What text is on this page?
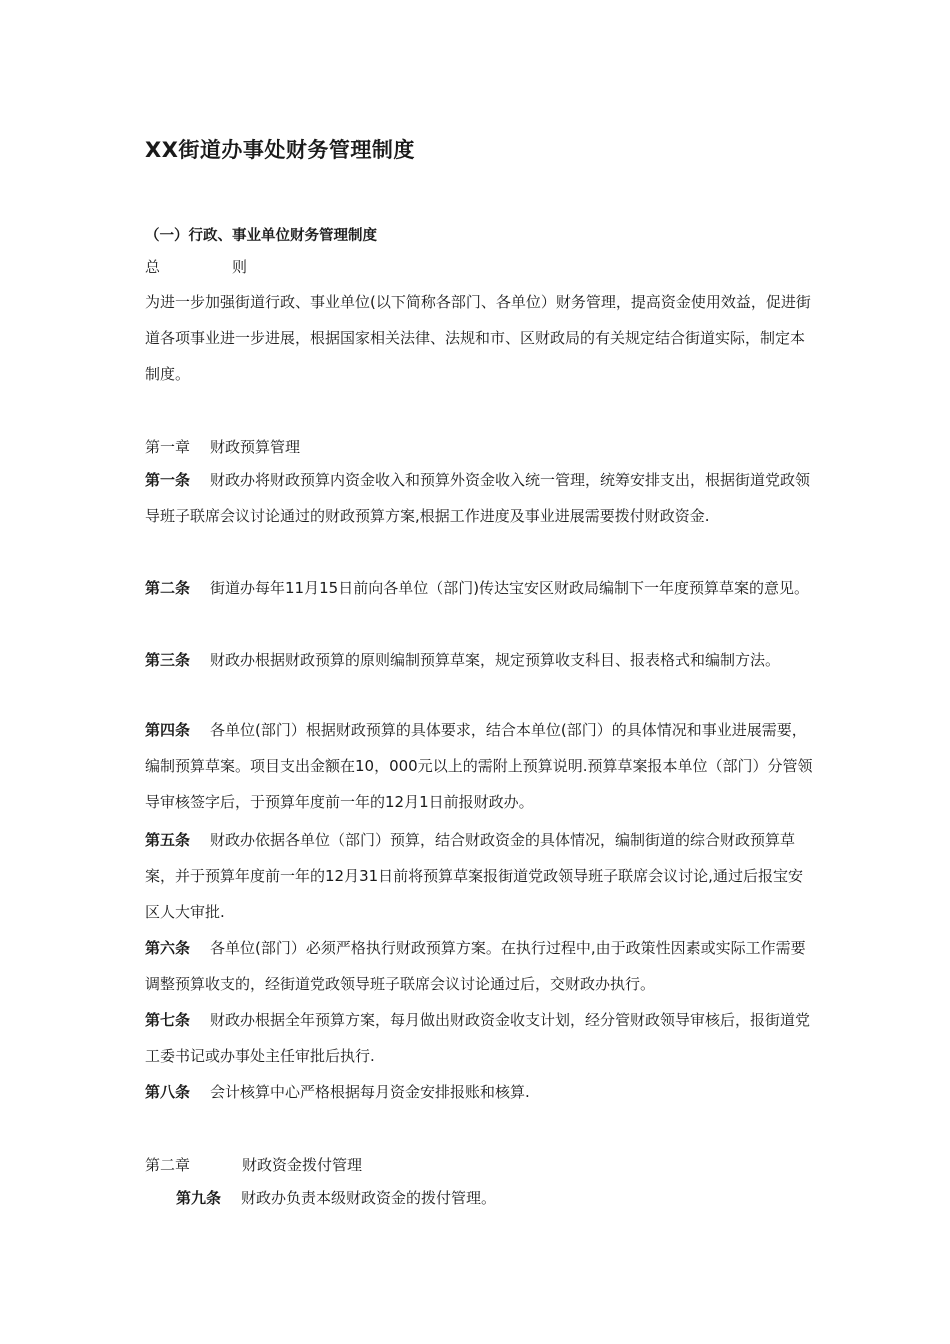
XX街道办事处财务管理制度
（一）行政、事业单位财务管理制度
总	则

为进一步加强街道行政、事业单位(以下简称各部门、各单位）财务管理，提高资金使用效益，促进街道各项事业进一步进展，根据国家相关法律、法规和市、区财政局的有关规定结合街道实际，制定本制度。

第一章 财政预算管理

第一条 财政办将财政预算内资金收入和预算外资金收入统一管理，统筹安排支出，根据街道党政领导班子联席会议讨论通过的财政预算方案,根据工作进度及事业进展需要拨付财政资金.

第二条 街道办每年11月15日前向各单位（部门)传达宝安区财政局编制下一年度预算草案的意见。

第三条 财政办根据财政预算的原则编制预算草案，规定预算收支科目、报表格式和编制方法。

第四条 各单位(部门）根据财政预算的具体要求，结合本单位(部门）的具体情况和事业进展需要，编制预算草案。项目支出金额在10，000元以上的需附上预算说明.预算草案报本单位（部门）分管领导审核签字后，于预算年度前一年的12月1日前报财政办。

第五条 财政办依据各单位（部门）预算，结合财政资金的具体情况，编制街道的综合财政预算草案，并于预算年度前一年的12月31日前将预算草案报街道党政领导班子联席会议讨论,通过后报宝安区人大审批.

第六条 各单位(部门）必须严格执行财政预算方案。在执行过程中,由于政策性因素或实际工作需要调整预算收支的，经街道党政领导班子联席会议讨论通过后，交财政办执行。

第七条 财政办根据全年预算方案，每月做出财政资金收支计划，经分管财政领导审核后，报街道党工委书记或办事处主任审批后执行.

第八条 会计核算中心严格根据每月资金安排报账和核算.

第二章	财政资金拨付管理

第九条 财政办负责本级财政资金的拨付管理。
